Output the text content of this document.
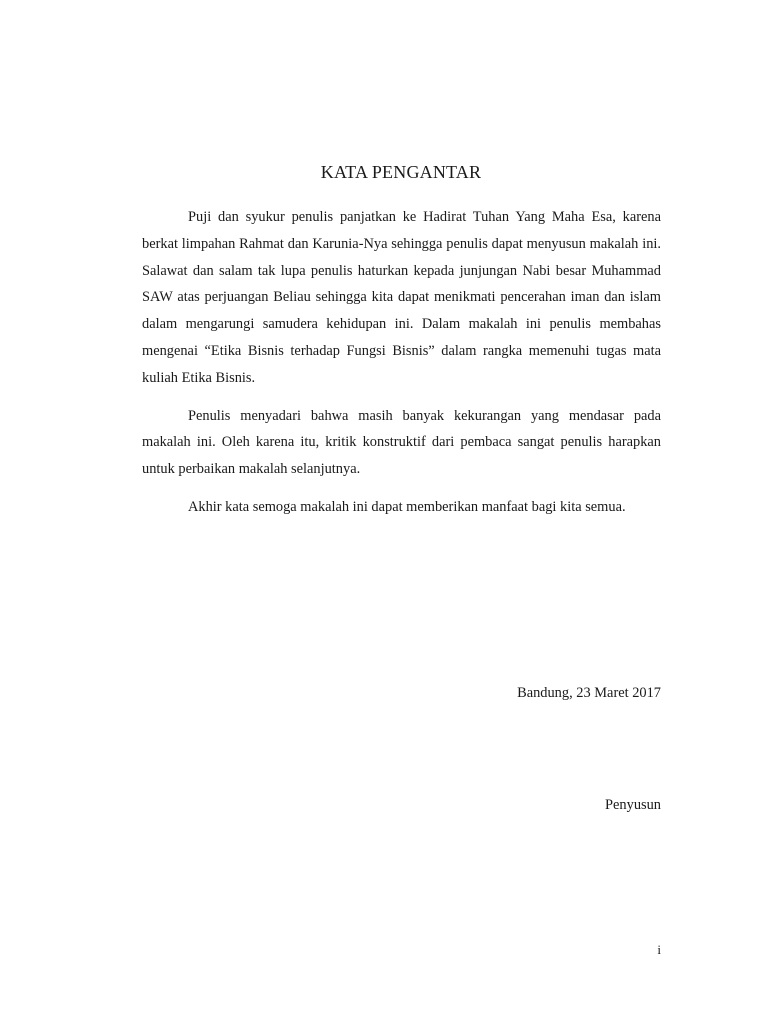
KATA PENGANTAR

Puji dan syukur penulis panjatkan ke Hadirat Tuhan Yang Maha Esa, karena berkat limpahan Rahmat dan Karunia-Nya sehingga penulis dapat menyusun makalah ini. Salawat dan salam tak lupa penulis haturkan kepada junjungan Nabi besar Muhammad SAW atas perjuangan Beliau sehingga kita dapat menikmati pencerahan iman dan islam dalam mengarungi samudera kehidupan ini. Dalam makalah ini penulis membahas mengenai “Etika Bisnis terhadap Fungsi Bisnis” dalam rangka memenuhi tugas mata kuliah Etika Bisnis.

Penulis menyadari bahwa masih banyak kekurangan yang mendasar pada makalah ini. Oleh karena itu, kritik konstruktif dari pembaca sangat penulis harapkan untuk perbaikan makalah selanjutnya.

Akhir kata semoga makalah ini dapat memberikan manfaat bagi kita semua.

Bandung, 23 Maret 2017
Penyusun
i
